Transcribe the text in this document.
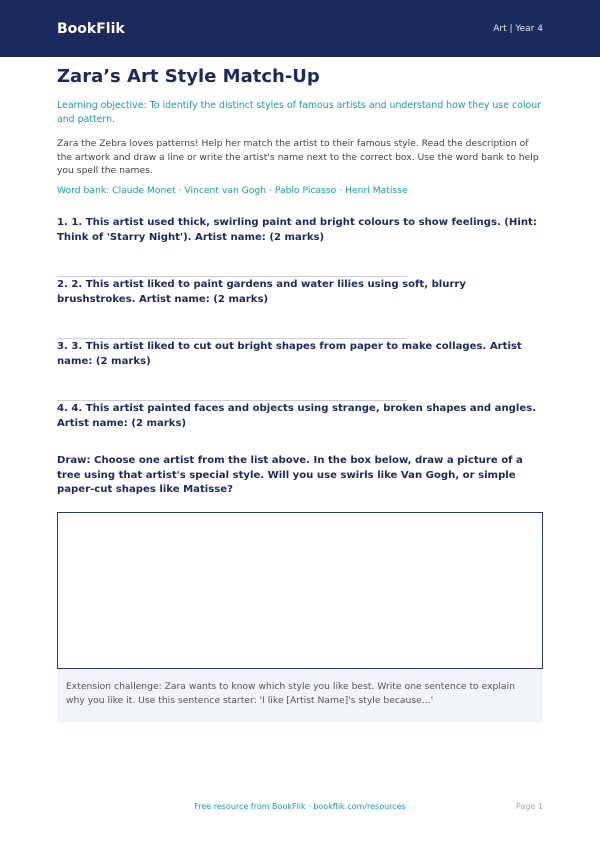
BookFlik	Art | Year 4
Zara’s Art Style Match-Up
Learning objective: To identify the distinct styles of famous artists and understand how they use colour and pattern.
Zara the Zebra loves patterns! Help her match the artist to their famous style. Read the description of the artwork and draw a line or write the artist's name next to the correct box. Use the word bank to help you spell the names.
Word bank: Claude Monet · Vincent van Gogh · Pablo Picasso · Henri Matisse
1. 1. This artist used thick, swirling paint and bright colours to show feelings. (Hint: Think of 'Starry Night'). Artist name: (2 marks)
2. 2. This artist liked to paint gardens and water lilies using soft, blurry brushstrokes. Artist name: (2 marks)
3. 3. This artist liked to cut out bright shapes from paper to make collages. Artist name: (2 marks)
4. 4. This artist painted faces and objects using strange, broken shapes and angles. Artist name: (2 marks)
Draw: Choose one artist from the list above. In the box below, draw a picture of a tree using that artist's special style. Will you use swirls like Van Gogh, or simple paper-cut shapes like Matisse?
Extension challenge: Zara wants to know which style you like best. Write one sentence to explain why you like it. Use this sentence starter: 'I like [Artist Name]'s style because...'
Free resource from BookFlik · bookflik.com/resources	Page 1
